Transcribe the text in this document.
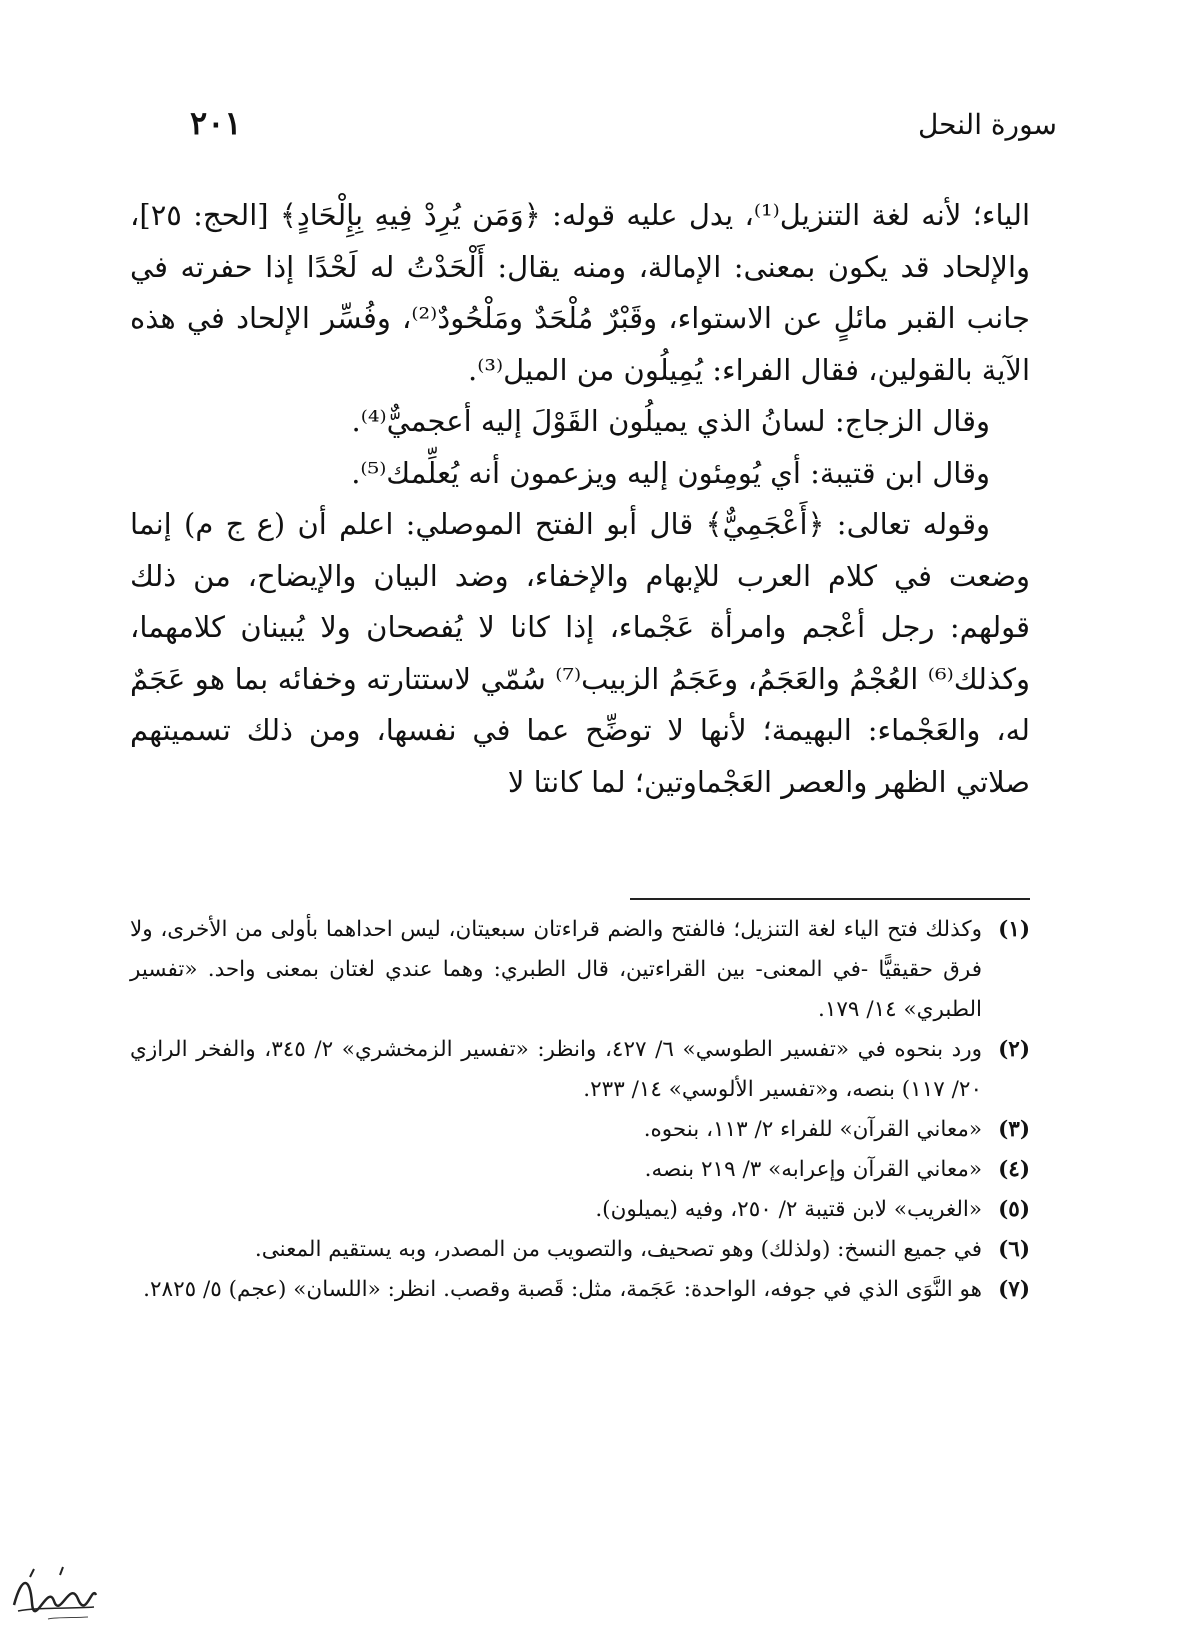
سورة النحل
٢٠١

الياء؛ لأنه لغة التنزيل⁽¹⁾، يدل عليه قوله: ﴿وَمَن يُرِدْ فِيهِ بِإِلْحَادٍ﴾ [الحج: ٢٥]، والإلحاد قد يكون بمعنى: الإمالة، ومنه يقال: أَلْحَدْتُ له لَحْدًا إذا حفرته في جانب القبر مائلٍ عن الاستواء، وقَبْرٌ مُلْحَدٌ ومَلْحُودٌ⁽²⁾، وفُسِّر الإلحاد في هذه الآية بالقولين، فقال الفراء: يُمِيلُون من الميل⁽³⁾.

وقال الزجاج: لسانُ الذي يميلُون القَوْلَ إليه أعجميٌّ⁽⁴⁾.

وقال ابن قتيبة: أي يُومِئون إليه ويزعمون أنه يُعلِّمك⁽⁵⁾.

وقوله تعالى: ﴿أَعْجَمِيٌّ﴾ قال أبو الفتح الموصلي: اعلم أن (ع ج م) إنما وضعت في كلام العرب للإبهام والإخفاء، وضد البيان والإيضاح، من ذلك قولهم: رجل أعْجم وامرأة عَجْماء، إذا كانا لا يُفصحان ولا يُبينان كلامهما، وكذلك⁽⁶⁾ العُجْمُ والعَجَمُ، وعَجَمُ الزبيب⁽⁷⁾ سُمّي لاستتارته وخفائه بما هو عَجَمٌ له، والعَجْماء: البهيمة؛ لأنها لا توضِّح عما في نفسها، ومن ذلك تسميتهم صلاتي الظهر والعصر العَجْماوتين؛ لما كانتا لا

(١)
وكذلك فتح الياء لغة التنزيل؛ فالفتح والضم قراءتان سبعيتان، ليس احداهما بأولى من الأخرى، ولا فرق حقيقيًّا -في المعنى- بين القراءتين، قال الطبري: وهما عندي لغتان بمعنى واحد. «تفسير الطبري» ١٤/ ١٧٩.
(٢)
ورد بنحوه في «تفسير الطوسي» ٦/ ٤٢٧، وانظر: «تفسير الزمخشري» ٢/ ٣٤٥، والفخر الرازي ٢٠/ ١١٧) بنصه، و«تفسير الألوسي» ١٤/ ٢٣٣.
(٣)
«معاني القرآن» للفراء ٢/ ١١٣، بنحوه.
(٤)
«معاني القرآن وإعرابه» ٣/ ٢١٩ بنصه.
(٥)
«الغريب» لابن قتيبة ٢/ ٢٥٠، وفيه (يميلون).
(٦)
في جميع النسخ: (ولذلك) وهو تصحيف، والتصويب من المصدر، وبه يستقيم المعنى.
(٧)
هو النَّوَى الذي في جوفه، الواحدة: عَجَمة، مثل: قَصبة وقصب. انظر: «اللسان» (عجم) ٥/ ٢٨٢٥.
